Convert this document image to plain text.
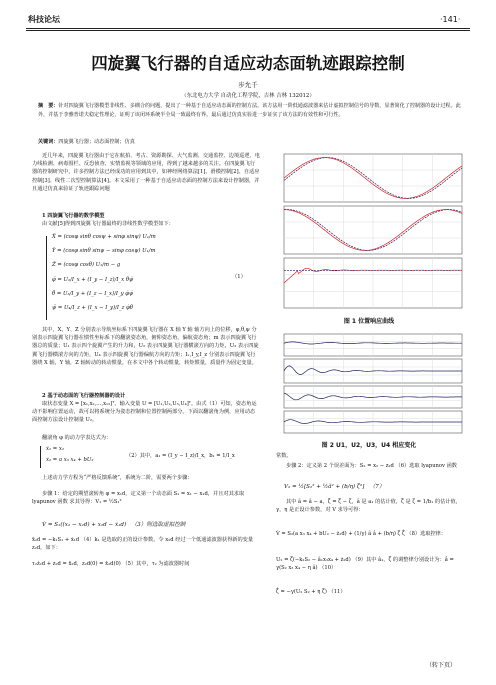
科技论坛	·141·
四旋翼飞行器的自适应动态面轨迹跟踪控制
步允千
（东北电力大学 自动化工程学院，吉林 吉林 132012）
摘　要：针对四旋翼飞行器模型非线性、多耦合的问题，提出了一种基于自适应动态面的控制方法。该方法用一阶低通滤波器来估计虚拟控制信号的导数，显著简化了控制器的设计过程。此外，并基于李雅普诺夫稳定性理论，证明了该闭环系统半全局一致最终有界。最后通过仿真实验进一步证实了该方法的有效性和可行性。
关键词：四旋翼飞行器；动态面控制；仿真
近几年来，四旋翼飞行器由于它在航拍、考古、资源勘探、大气监测、交通监控、边境巡逻、电力线检测、病毒围栏、反恐侦查、实情监视等领域的应用，得到了越来越多的关注。在四旋翼飞行器的控制研究中，许多控制方法已经成功的应用到其中，如神经网络算法[1]、滑模控制[2]、自适应控制[3]、线性二次型控制算法[4]。本文采用了一种基于自适应动态面的控制方法来设计控制器，并且通过仿真来验证了轨迹跟踪问题
1 四旋翼飞行器的数学模型
由文献[5]得到四旋翼飞行器最终的非线性数学模型如下：
Ẍ = (cosφ sinθ cosψ + sinφ sinψ) U₁/m
Ÿ = (cosφ sinθ sinψ − sinφ cosψ) U₁/m
Z̈ = (cosφ cosθ) U₁/m − g
φ̈ = U₂/I_x + (I_y − I_z)/I_x θ̇ψ̇
θ̈ = U₃/I_y + (I_z − I_x)/I_y φ̇ψ̇
ψ̈ = U₄/I_z + (I_x − I_y)/I_z φ̇θ̇
（1）
其中，X、Y、Z 分别表示导航坐标系下四旋翼飞行器在 X 轴 Y 轴 轴方向上的位移，φ,θ,ψ 分别表示四旋翼飞行器在惯性坐标系下的翻滚姿态角，俯仰姿态角，偏航姿态角；m 表示四旋翼飞行器总的质量；U₁ 表示四个旋翼产生的升力和，U₂ 表示四旋翼飞行器横滚方向的力矩，U₃ 表示四旋翼飞行器横滚方向的力矩，U₄ 表示四旋翼飞行器偏航方向的力矩；Iₓ,I_y,I_z 分别表示四旋翼飞行器绕 X 轴，Y 轴，Z 轴转动的转动惯量，在本文中各个转动惯量，转矩惯量，质量作为固定变量。
2 基于动态面的飞行器控制器的设计
取状态变量 X = [x₁,x₂,…,x₁₂]ᵀ，输入变量 U = [U₁,U₂,U₃,U₄]ᵀ。由式（1）可知，姿态角运动不影响位置运动，故可以将系统分为姿态控制和位置控制两部分。下面以翻滚角为例，应用动态面控制方法设计控制量 U₂。
翻滚角 φ 的动力学表达式为：
ẋ₁ = x₂
ẋ₂ = a x₃ x₄ + bU₂
（2）其中，a₁ = (I_y − I_z)/I_x，b₁ = 1/I_x
上述动力学方程为“严格反馈系统”，系统为二阶，需要两个步骤：
步骤 1：给定的期望滚转角 φ = x₁d，定义第一个动态面 S₁ = x₁ − x₁d，并且对其求取 lyapunov 函数 求其导得：V₁ = ½S₁²
V̇ = S₁((x₂ − x₂d) + x₂d − ẋ₁d)   （3）则选取虚拟控制
x̄₂d = −k₁S₁ + ẋ₁d （4）k₁ 是选取的正的设计参数。令 x₂d 经过一个低通滤波器获得新的变量 z₂d，如下：
τ₂ż₂d + z₂d = x̄₂d，z₂d(0) = x̄₂d(0) （5）其中，τ₂ 为滤波器时间
图 1 位置响应曲线
图 2 U1，U2，U3，U4 相应变化
常数。
步骤 2：定义第 2 个误差面为：S₂ = x₂ − z₂d （6）选取 lyapunov 函数
V₂ = ½[S₂² + ½ã² + (b/η) ζ̃²]   （7）
其中 ã = â − a，ζ̃ = ζ̂ − ζ，â 是 a₁ 的估计值，ζ̂ 是 ζ = 1/b₁ 的估计值，γ，η 是正设计参数，对 V 求导可得：
V̇ = S₂(a x₃ x₄ + bU₂ − ż₂d) + (1/γ) ã â̇ + (b/η) ζ̃ ζ̂̇ （8）选取控律：
U₂ = ζ̂(−k₂S₂ − â₁x₃x₄ + ż₂d) （9）其中 â₁，ζ̂ 的调整律分别设计为：â̇ = γ(S₂ x₃ x₄ − η â) （10）
ζ̂̇ = −γ(U₂ S₂ + η ζ̂) （11）
（转下页）
